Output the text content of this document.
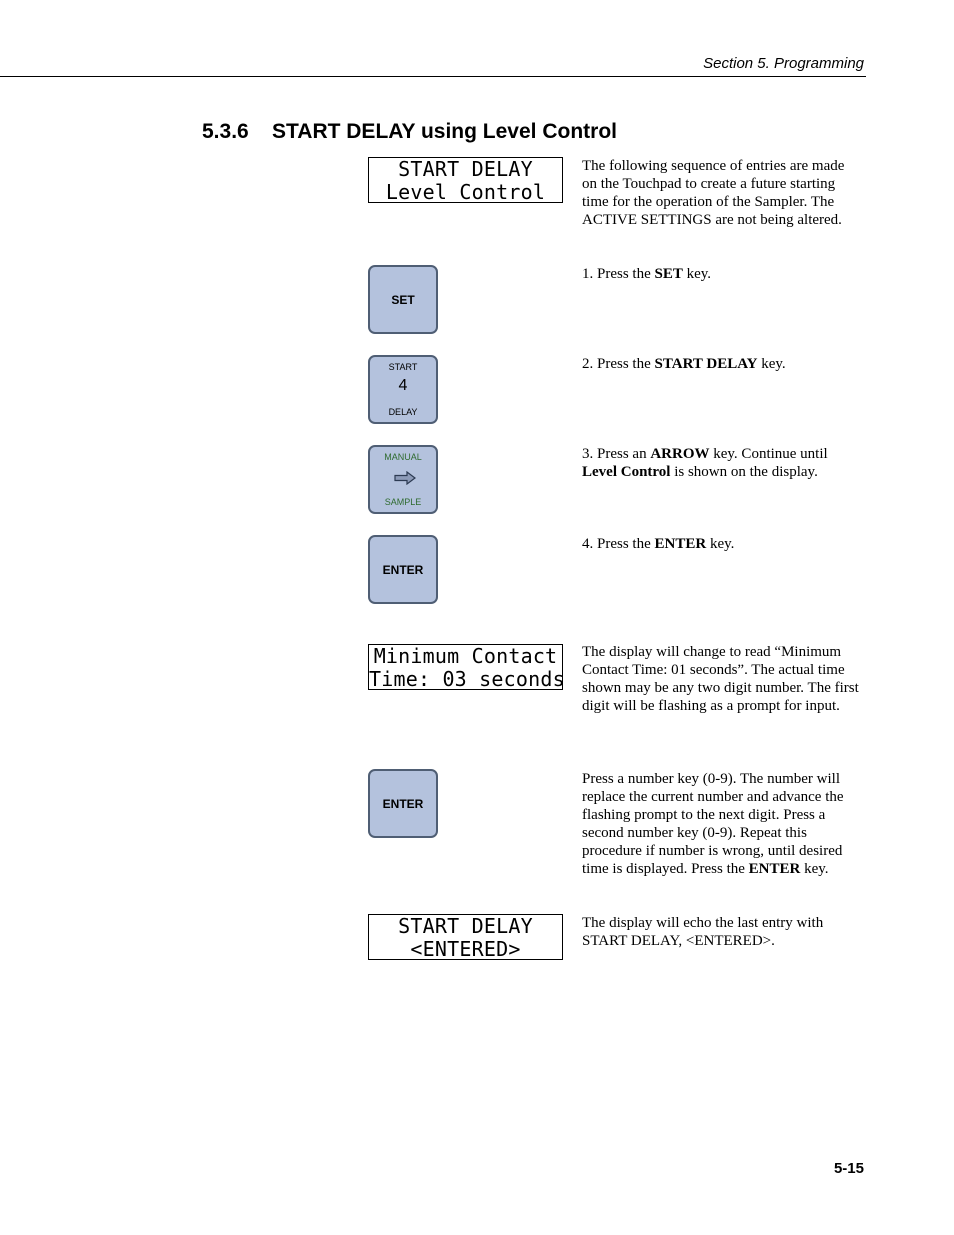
Section 5. Programming
5.3.6 START DELAY using Level Control
START DELAY
Level Control

The following sequence of entries are made on the Touchpad to create a future starting time for the operation of the Sampler. The ACTIVE SETTINGS are not being altered.

SET

1. Press the SET key.

START
4
DELAY

2. Press the START DELAY key.

MANUAL
SAMPLE

3. Press an ARROW key. Continue until Level Control is shown on the display.

ENTER

4. Press the ENTER key.

Minimum Contact
Time: 03 seconds

The display will change to read “Minimum Contact Time: 01 seconds”. The actual time shown may be any two digit number. The first digit will be flashing as a prompt for input.

ENTER

Press a number key (0-9). The number will replace the current number and advance the flashing prompt to the next digit. Press a second number key (0-9). Repeat this procedure if number is wrong, until desired time is displayed. Press the ENTER key.

START DELAY
<ENTERED>

The display will echo the last entry with START DELAY, <ENTERED>.

5-15
